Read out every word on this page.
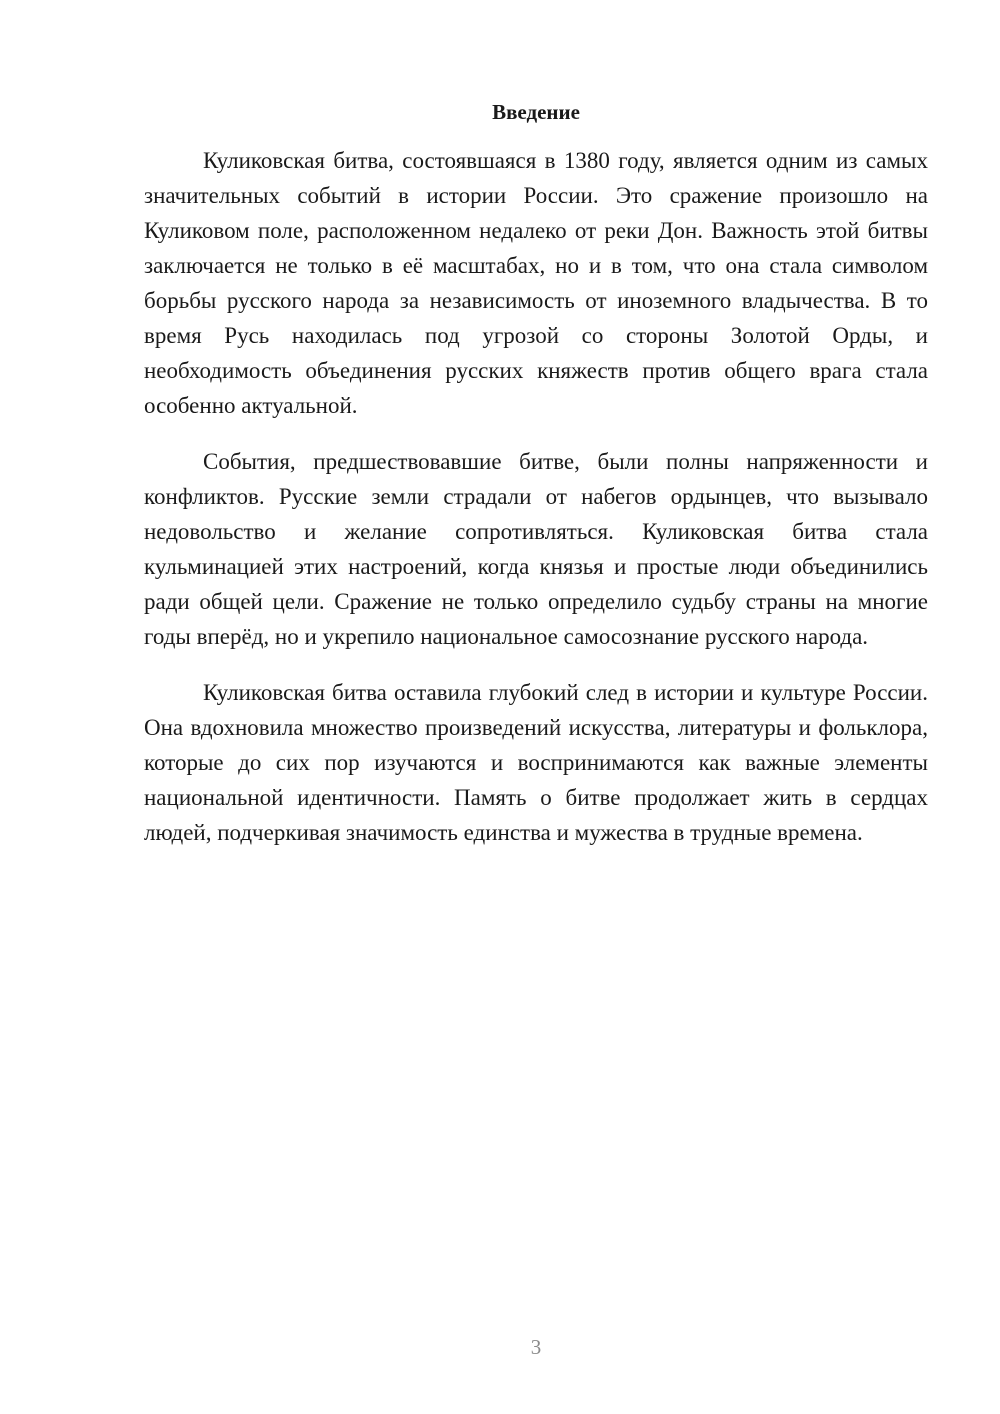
Введение

Куликовская битва, состоявшаяся в 1380 году, является одним из самых значительных событий в истории России. Это сражение произошло на Куликовом поле, расположенном недалеко от реки Дон. Важность этой битвы заключается не только в её масштабах, но и в том, что она стала символом борьбы русского народа за независимость от иноземного владычества. В то время Русь находилась под угрозой со стороны Золотой Орды, и необходимость объединения русских княжеств против общего врага стала особенно актуальной.

События, предшествовавшие битве, были полны напряженности и конфликтов. Русские земли страдали от набегов ордынцев, что вызывало недовольство и желание сопротивляться. Куликовская битва стала кульминацией этих настроений, когда князья и простые люди объединились ради общей цели. Сражение не только определило судьбу страны на многие годы вперёд, но и укрепило национальное самосознание русского народа.

Куликовская битва оставила глубокий след в истории и культуре России. Она вдохновила множество произведений искусства, литературы и фольклора, которые до сих пор изучаются и воспринимаются как важные элементы национальной идентичности. Память о битве продолжает жить в сердцах людей, подчеркивая значимость единства и мужества в трудные времена.

3
